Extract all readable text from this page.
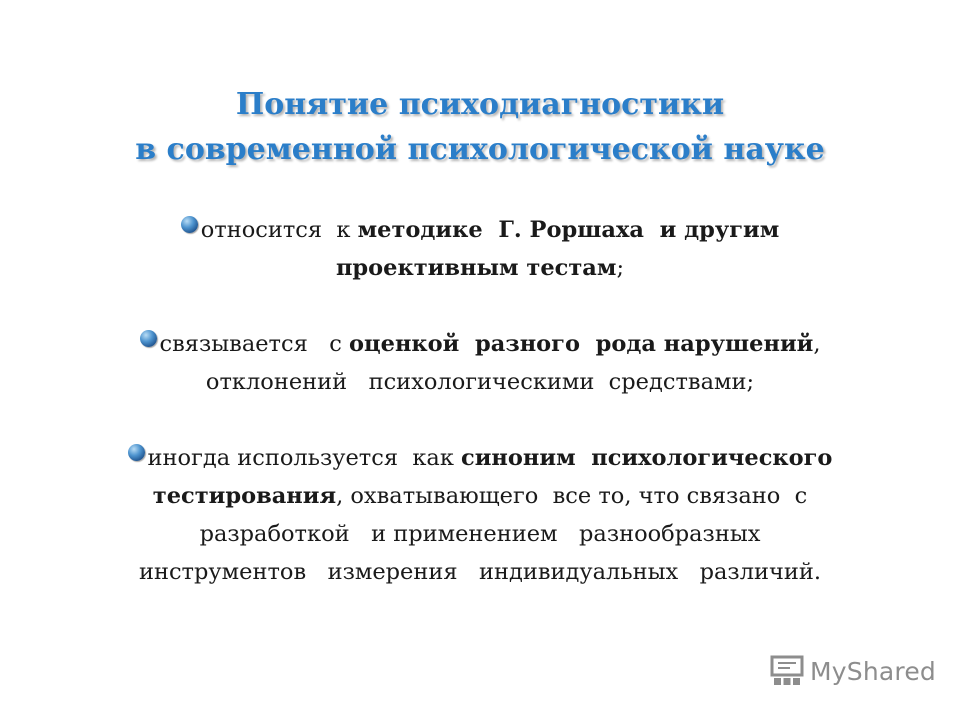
Понятие психодиагностики
в современной психологической науке
относится  к методике  Г. Роршаха  и другим
проективным тестам;
связывается   с оценкой  разного  рода нарушений,
отклонений   психологическими  средствами;
иногда используется  как синоним  психологического
тестирования, охватывающего  все то, что связано  с
разработкой   и применением   разнообразных
инструментов   измерения   индивидуальных   различий.
MyShared
